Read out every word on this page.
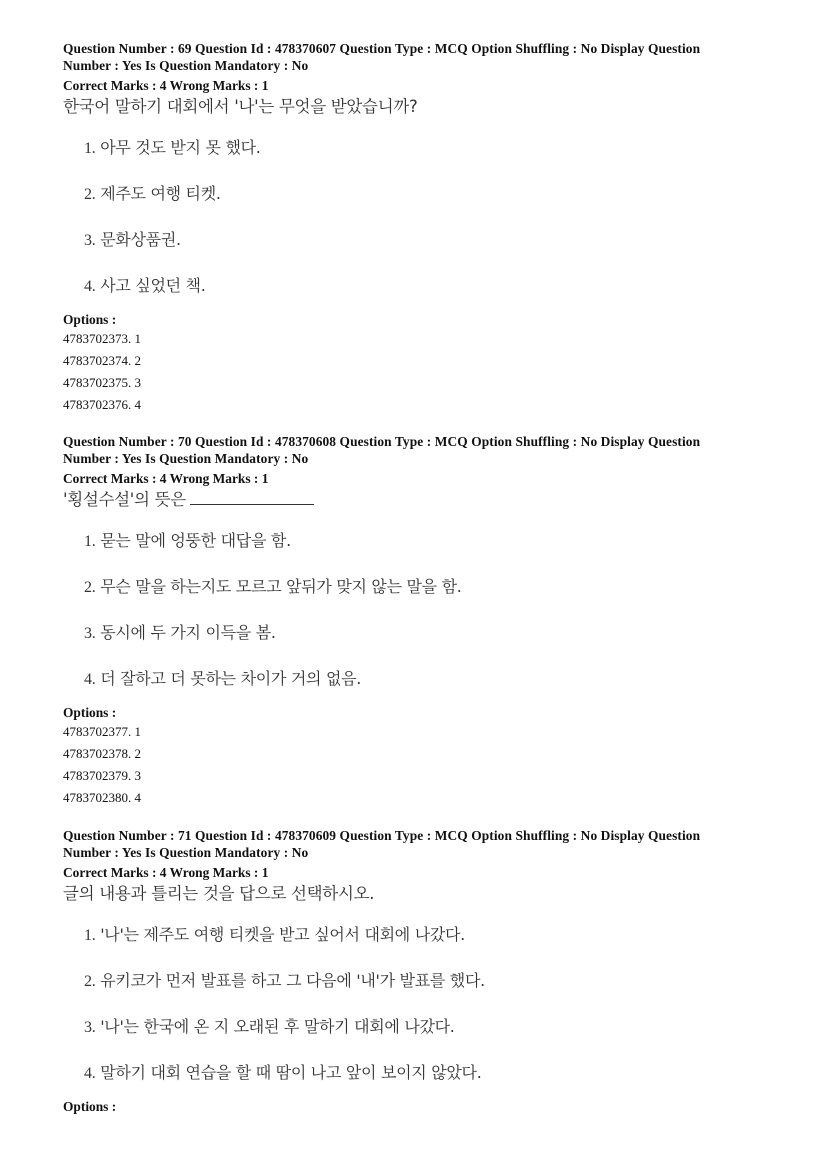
Question Number : 69 Question Id : 478370607 Question Type : MCQ Option Shuffling : No Display Question
Number : Yes Is Question Mandatory : No
Correct Marks : 4 Wrong Marks : 1
한국어 말하기 대회에서 '나'는 무엇을 받았습니까?
1. 아무 것도 받지 못 했다.
2. 제주도 여행 티켓.
3. 문화상품권.
4. 사고 싶었던 책.
Options :
4783702373. 1
4783702374. 2
4783702375. 3
4783702376. 4
Question Number : 70 Question Id : 478370608 Question Type : MCQ Option Shuffling : No Display Question
Number : Yes Is Question Mandatory : No
Correct Marks : 4 Wrong Marks : 1
'횡설수설'의 뜻은
1. 묻는 말에 엉뚱한 대답을 함.
2. 무슨 말을 하는지도 모르고 앞뒤가 맞지 않는 말을 함.
3. 동시에 두 가지 이득을 봄.
4. 더 잘하고 더 못하는 차이가 거의 없음.
Options :
4783702377. 1
4783702378. 2
4783702379. 3
4783702380. 4
Question Number : 71 Question Id : 478370609 Question Type : MCQ Option Shuffling : No Display Question
Number : Yes Is Question Mandatory : No
Correct Marks : 4 Wrong Marks : 1
글의 내용과 틀리는 것을 답으로 선택하시오.
1. '나'는 제주도 여행 티켓을 받고 싶어서 대회에 나갔다.
2. 유키코가 먼저 발표를 하고 그 다음에 '내'가 발표를 했다.
3. '나'는 한국에 온 지 오래된 후 말하기 대회에 나갔다.
4. 말하기 대회 연습을 할 때 땀이 나고 앞이 보이지 않았다.
Options :
